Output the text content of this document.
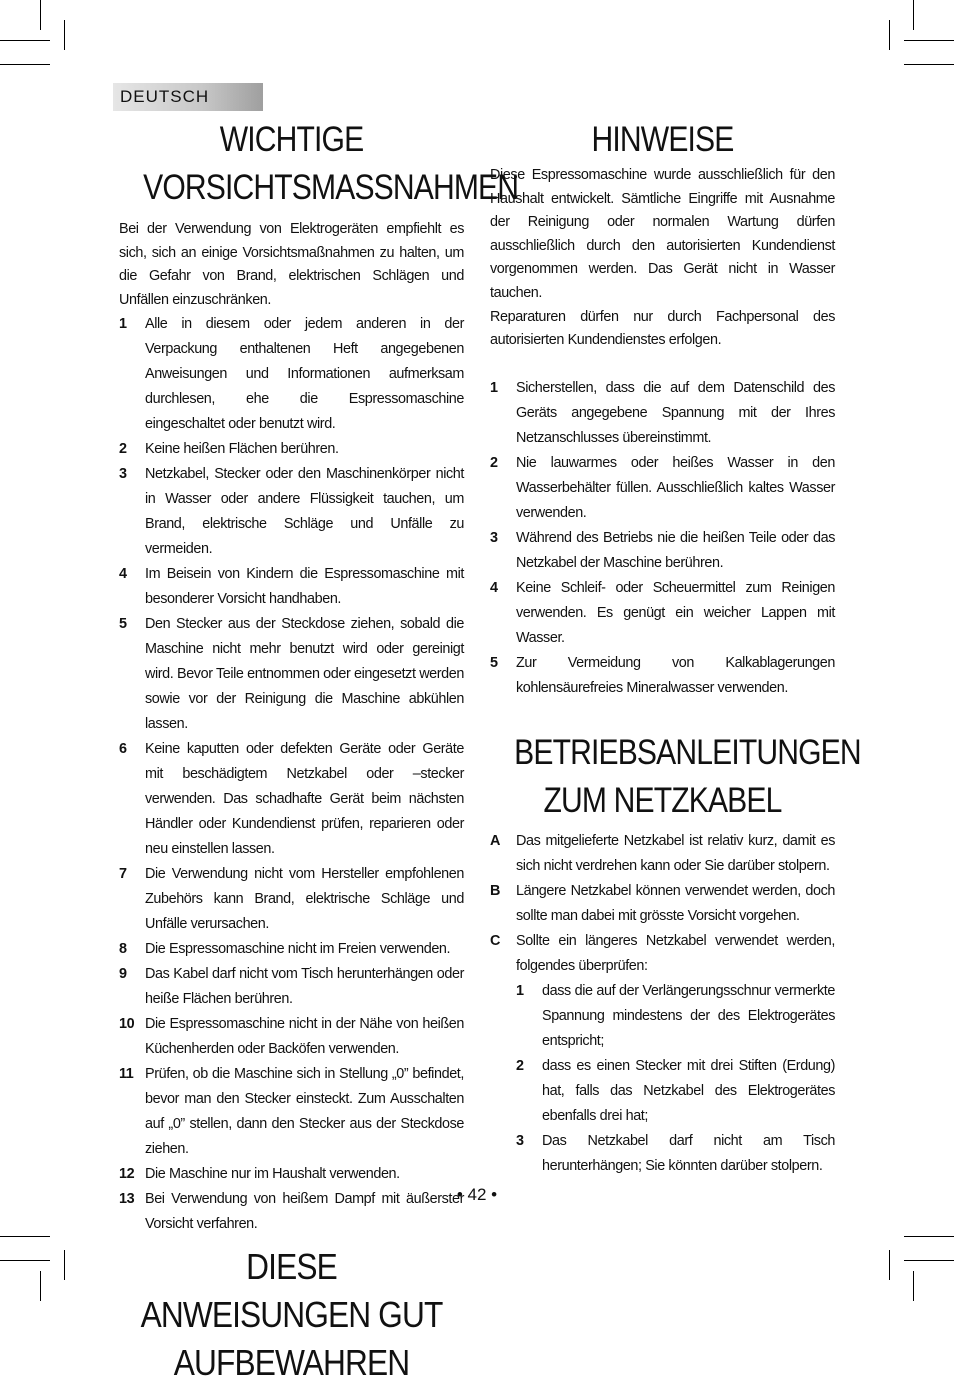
DEUTSCH
WICHTIGE VORSICHTSMASSNAHMEN

Bei der Verwendung von Elektrogeräten empfiehlt es sich, sich an einige Vorsichtsmaßnahmen zu halten, um die Gefahr von Brand, elektrischen Schlägen und Unfällen einzuschränken.

1	Alle in diesem oder jedem anderen in der Verpackung enthaltenen Heft angegebenen Anweisungen und Informationen aufmerksam durchlesen, ehe die Espressomaschine eingeschaltet oder benutzt wird.
2	Keine heißen Flächen berühren.
3	Netzkabel, Stecker oder den Maschinenkörper nicht in Wasser oder andere Flüssigkeit tauchen, um Brand, elektrische Schläge und Unfälle zu vermeiden.
4	Im Beisein von Kindern die Espressomaschine mit besonderer Vorsicht handhaben.
5	Den Stecker aus der Steckdose ziehen, sobald die Maschine nicht mehr benutzt wird oder gereinigt wird. Bevor Teile entnommen oder eingesetzt werden sowie vor der Reinigung die Maschine abkühlen lassen.
6	Keine kaputten oder defekten Geräte oder Geräte mit beschädigtem Netzkabel oder –stecker verwenden. Das schadhafte Gerät beim nächsten Händler oder Kundendienst prüfen, reparieren oder neu einstellen lassen.
7	Die Verwendung nicht vom Hersteller empfohlenen Zubehörs kann Brand, elektrische Schläge und Unfälle verursachen.
8	Die Espressomaschine nicht im Freien verwenden.
9	Das Kabel darf nicht vom Tisch herunterhängen oder heiße Flächen berühren.
10 Die Espressomaschine nicht in der Nähe von heißen Küchenherden oder Backöfen verwenden.
11 Prüfen, ob die Maschine sich in Stellung „0” befindet, bevor man den Stecker einsteckt. Zum Ausschalten auf „0” stellen, dann den Stecker aus der Steckdose ziehen.
12 Die Maschine nur im Haushalt verwenden.
13 Bei Verwendung von heißem Dampf mit äußerster Vorsicht verfahren.
DIESE ANWEISUNGEN GUT AUFBEWAHREN
HINWEISE

Diese Espressomaschine wurde ausschließlich für den Haushalt entwickelt. Sämtliche Eingriffe mit Ausnahme der Reinigung oder normalen Wartung dürfen ausschließlich durch den autorisierten Kundendienst vorgenommen werden. Das Gerät nicht in Wasser tauchen.

Reparaturen dürfen nur durch Fachpersonal des autorisierten Kundendienstes erfolgen.

1	Sicherstellen, dass die auf dem Datenschild des Geräts angegebene Spannung mit der Ihres Netzanschlusses übereinstimmt.
2	Nie lauwarmes oder heißes Wasser in den Wasserbehälter füllen. Ausschließlich kaltes Wasser verwenden.
3	Während des Betriebs nie die heißen Teile oder das Netzkabel der Maschine berühren.
4	Keine Schleif- oder Scheuermittel zum Reinigen verwenden. Es genügt ein weicher Lappen mit Wasser.
5	Zur Vermeidung von Kalkablagerungen kohlensäurefreies Mineralwasser verwenden.
BETRIEBSANLEITUNGEN ZUM NETZKABEL
A	Das mitgelieferte Netzkabel ist relativ kurz, damit es sich nicht verdrehen kann oder Sie darüber stolpern.
B	Längere Netzkabel können verwendet werden, doch sollte man dabei mit grösste Vorsicht vorgehen.
C	Sollte ein längeres Netzkabel verwendet werden, folgendes überprüfen:
1	dass die auf der Verlängerungsschnur vermerkte Spannung mindestens der des Elektrogerätes entspricht;
2	dass es einen Stecker mit drei Stiften (Erdung) hat, falls das Netzkabel des Elektrogerätes ebenfalls drei hat;
3	Das Netzkabel darf nicht am Tisch herunterhängen; Sie könnten darüber stolpern.
• 42 •
